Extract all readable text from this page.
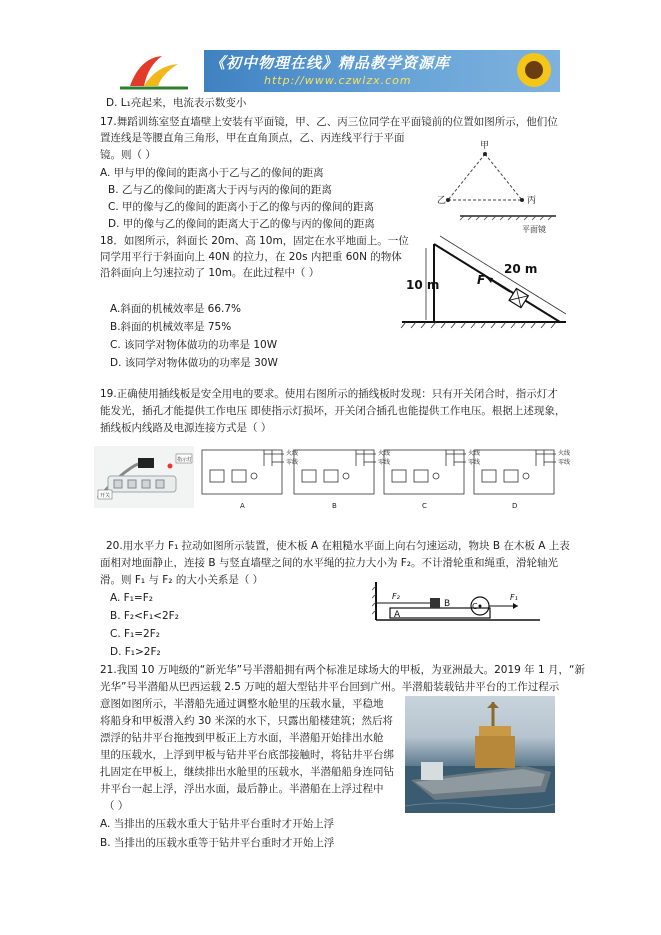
《初中物理在线》精品教学资源库
http://www.czwlzx.com
D. L₁亮起来，电流表示数变小
17.舞蹈训练室竖直墙壁上安装有平面镜，甲、乙、丙三位同学在平面镜前的位置如图所示，他们位
置连线是等腰直角三角形，甲在直角顶点，乙、丙连线平行于平面
镜。则（ ）
A. 甲与甲的像间的距离小于乙与乙的像间的距离
B. 乙与乙的像间的距离大于丙与丙的像间的距离
C. 甲的像与乙的像间的距离小于乙的像与丙的像间的距离
D. 甲的像与乙的像间的距离大于乙的像与丙的像间的距离
甲
乙	丙
平面镜
18．如图所示，斜面长 20m、高 10m，固定在水平地面上。一位
同学用平行于斜面向上 40N 的拉力，在 20s 内把重 60N 的物体
沿斜面向上匀速拉动了 10m。在此过程中（ ）
A.斜面的机械效率是 66.7%
B.斜面的机械效率是 75%
C. 该同学对物体做功的功率是 10W
D. 该同学对物体做功的功率是 30W
10 m
20 m
F
19.正确使用插线板是安全用电的要求。使用右图所示的插线板时发现：只有开关闭合时，指示灯才
能发光，插孔才能提供工作电压 即使指示灯损坏，开关闭合插孔也能提供工作电压。根据上述现象，
插线板内线路及电源连接方式是（ ）
指示灯
开关
火线
零线
A
火线
零线
B
火线
零线
C
火线
零线
D
20.用水平力 F₁ 拉动如图所示装置，使木板 A 在粗糙水平面上向右匀速运动，物块 B 在木板 A 上表
面相对地面静止，连接 B 与竖直墙壁之间的水平绳的拉力大小为 F₂。不计滑轮重和绳重，滑轮轴光
滑。则 F₁ 与 F₂ 的大小关系是（ ）
A. F₁=F₂
B. F₂<F₁<2F₂
C. F₁=2F₂
D. F₁>2F₂
A
B
F₂
C
F₁
21.我国 10 万吨级的“新光华”号半潜船拥有两个标准足球场大的甲板，为亚洲最大。2019 年 1 月，“新
光华”号半潜船从巴西运载 2.5 万吨的超大型钻井平台回到广州。半潜船装载钻井平台的工作过程示
意图如图所示，半潜船先通过调整水舱里的压载水量，平稳地
将船身和甲板潜入约 30 米深的水下，只露出船楼建筑；然后将
漂浮的钻井平台拖拽到甲板正上方水面，半潜船开始排出水舱
里的压载水，上浮到甲板与钻井平台底部接触时，将钻井平台绑
扎固定在甲板上，继续排出水舱里的压载水，半潜船船身连同钻
井平台一起上浮，浮出水面，最后静止。半潜船在上浮过程中
（ ）
A. 当排出的压载水重大于钻井平台重时才开始上浮
B. 当排出的压载水重等于钻井平台重时才开始上浮
